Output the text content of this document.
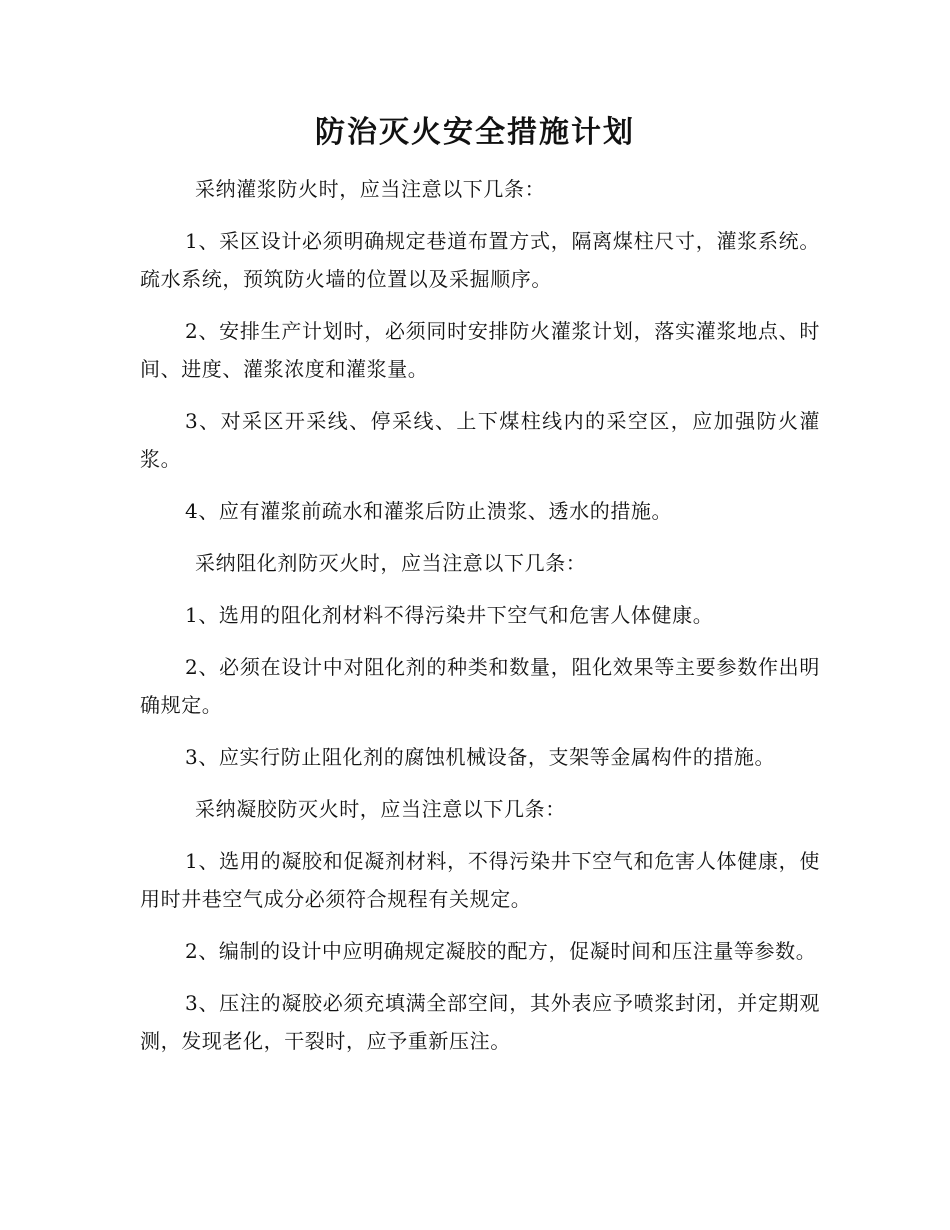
防治灭火安全措施计划

采纳灌浆防火时，应当注意以下几条：

1、采区设计必须明确规定巷道布置方式，隔离煤柱尺寸，灌浆系统。疏水系统，预筑防火墙的位置以及采掘顺序。

2、安排生产计划时，必须同时安排防火灌浆计划，落实灌浆地点、时间、进度、灌浆浓度和灌浆量。

3、对采区开采线、停采线、上下煤柱线内的采空区，应加强防火灌浆。

4、应有灌浆前疏水和灌浆后防止溃浆、透水的措施。

采纳阻化剂防灭火时，应当注意以下几条：

1、选用的阻化剂材料不得污染井下空气和危害人体健康。

2、必须在设计中对阻化剂的种类和数量，阻化效果等主要参数作出明确规定。

3、应实行防止阻化剂的腐蚀机械设备，支架等金属构件的措施。

采纳凝胶防灭火时，应当注意以下几条：

1、选用的凝胶和促凝剂材料，不得污染井下空气和危害人体健康，使用时井巷空气成分必须符合规程有关规定。

2、编制的设计中应明确规定凝胶的配方，促凝时间和压注量等参数。

3、压注的凝胶必须充填满全部空间，其外表应予喷浆封闭，并定期观测，发现老化，干裂时，应予重新压注。
